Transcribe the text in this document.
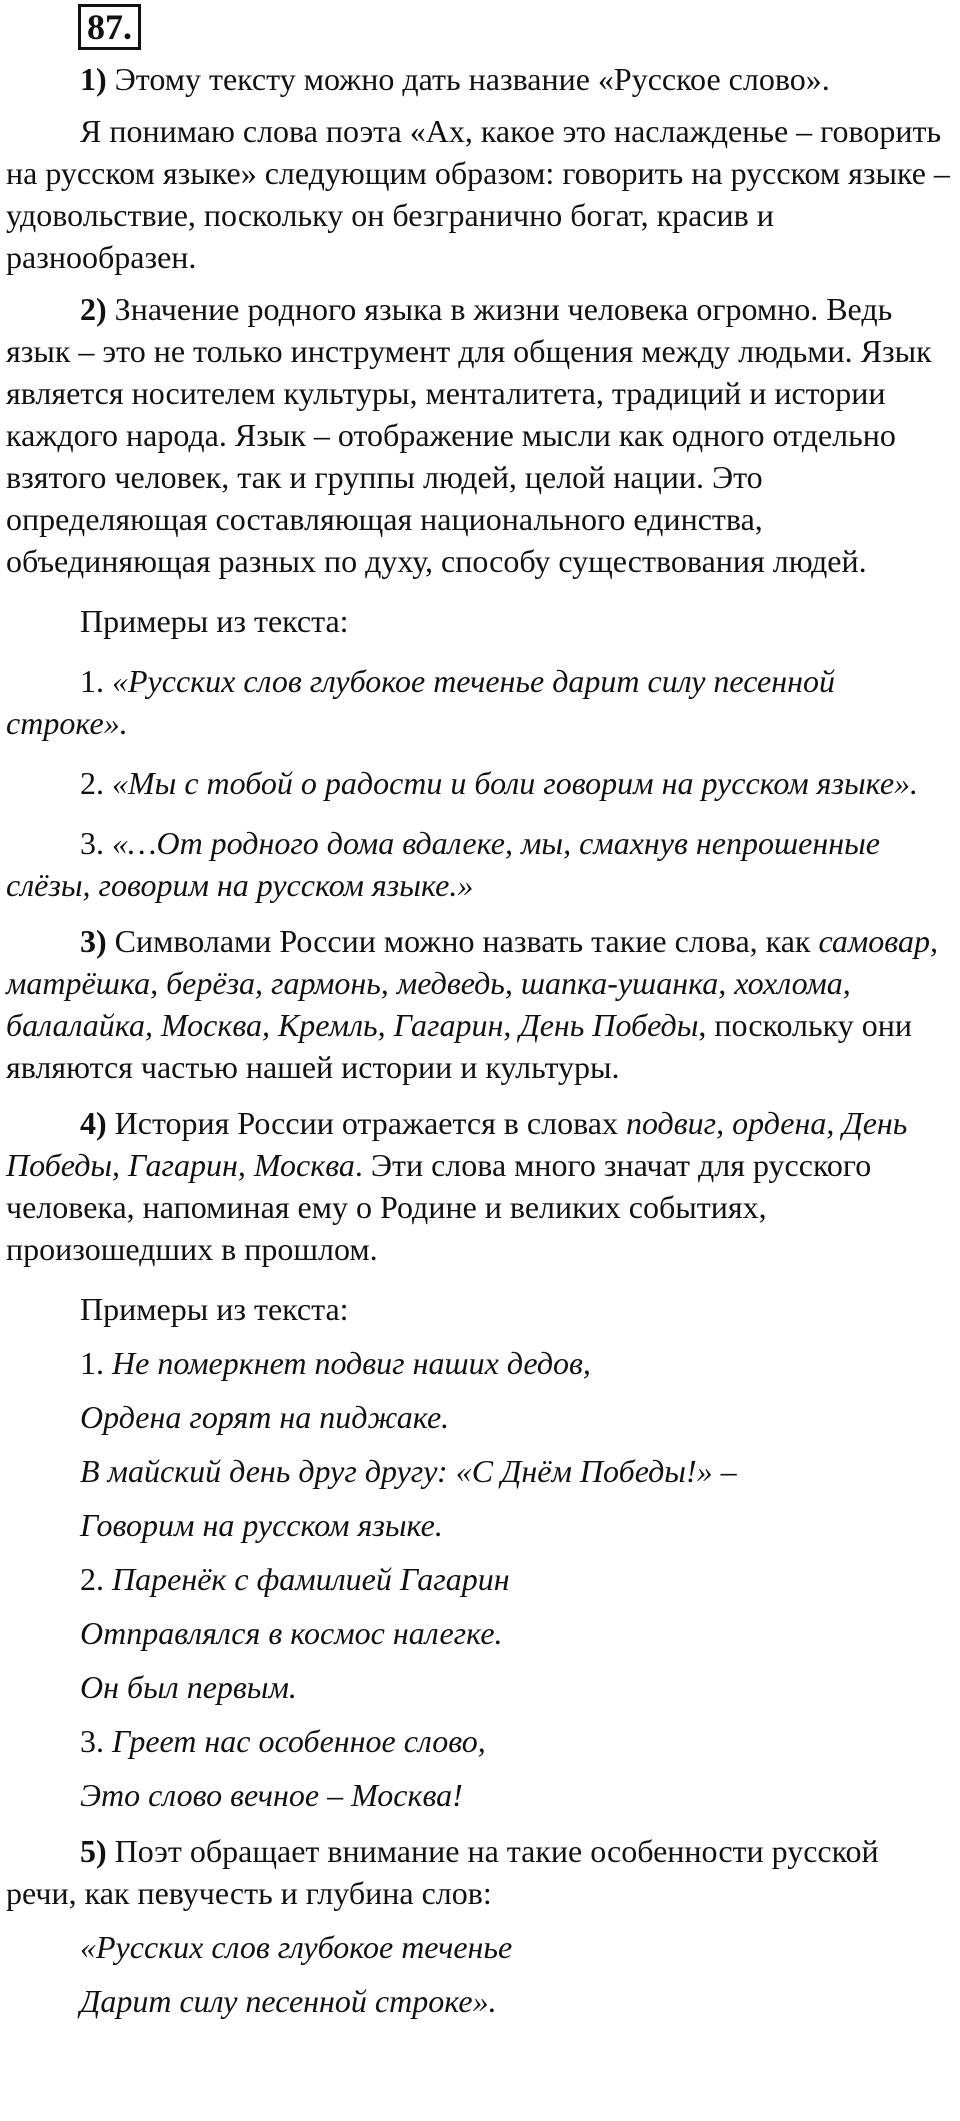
87.

1) Этому тексту можно дать название «Русское слово».

Я понимаю слова поэта «Ах, какое это наслажденье – говорить на русском языке» следующим образом: говорить на русском языке – удовольствие, поскольку он безгранично богат, красив и разнообразен.

2) Значение родного языка в жизни человека огромно. Ведь язык – это не только инструмент для общения между людьми. Язык является носителем культуры, менталитета, традиций и истории каждого народа. Язык – отображение мысли как одного отдельно взятого человек, так и группы людей, целой нации. Это определяющая составляющая национального единства, объединяющая разных по духу, способу существования людей.

Примеры из текста:

1. «Русских слов глубокое теченье дарит силу песенной строке».

2. «Мы с тобой о радости и боли говорим на русском языке».

3. «…От родного дома вдалеке, мы, смахнув непрошенные слёзы, говорим на русском языке.»

3) Символами России можно назвать такие слова, как самовар, матрёшка, берёза, гармонь, медведь, шапка-ушанка, хохлома, балалайка, Москва, Кремль, Гагарин, День Победы, поскольку они являются частью нашей истории и культуры.

4) История России отражается в словах подвиг, ордена, День Победы, Гагарин, Москва. Эти слова много значат для русского человека, напоминая ему о Родине и великих событиях, произошедших в прошлом.

Примеры из текста:

1. Не померкнет подвиг наших дедов,

Ордена горят на пиджаке.

В майский день друг другу: «С Днём Победы!» –

Говорим на русском языке.

2. Паренёк с фамилией Гагарин

Отправлялся в космос налегке.

Он был первым.

3. Греет нас особенное слово,

Это слово вечное – Москва!

5) Поэт обращает внимание на такие особенности русской речи, как певучесть и глубина слов:

«Русских слов глубокое теченье

Дарит силу песенной строке».
